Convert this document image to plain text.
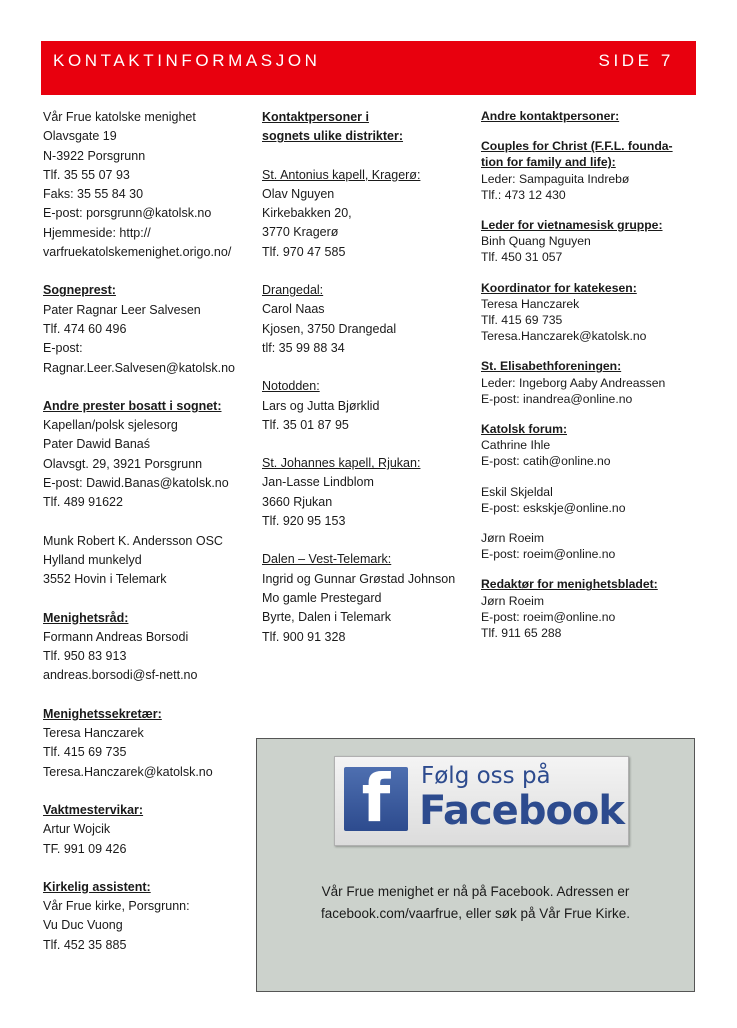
KONTAKTINFORMASJON	SIDE 7
Vår Frue katolske menighet
Olavsgate 19
N-3922 Porsgrunn
Tlf. 35 55 07 93
Faks: 35 55 84 30
E-post: porsgrunn@katolsk.no
Hjemmeside: http://
varfruekatolskemenighet.origo.no/
Sogneprest:
Pater Ragnar Leer Salvesen
Tlf. 474 60 496
E-post:
Ragnar.Leer.Salvesen@katolsk.no
Andre prester bosatt i sognet:
Kapellan/polsk sjelesorg
Pater Dawid Banaś
Olavsgt. 29, 3921 Porsgrunn
E-post: Dawid.Banas@katolsk.no
Tlf. 489 91622
Munk Robert K. Andersson OSC
Hylland munkelyd
3552 Hovin i Telemark
Menighetsråd:
Formann Andreas Borsodi
Tlf. 950 83 913
andreas.borsodi@sf-nett.no
Menighetssekretær:
Teresa Hanczarek
Tlf. 415 69 735
Teresa.Hanczarek@katolsk.no
Vaktmestervikar:
Artur Wojcik
TF. 991 09 426
Kirkelig assistent:
Vår Frue kirke, Porsgrunn:
Vu Duc Vuong
Tlf. 452 35 885
Kontaktpersoner i
sognets ulike distrikter:
St. Antonius kapell, Kragerø:
Olav Nguyen
Kirkebakken 20,
3770 Kragerø
Tlf. 970 47 585
Drangedal:
Carol Naas
Kjosen, 3750 Drangedal
tlf: 35 99 88 34
Notodden:
Lars og Jutta Bjørklid
Tlf. 35 01 87 95
St. Johannes kapell, Rjukan:
Jan-Lasse Lindblom
3660 Rjukan
Tlf. 920 95 153
Dalen – Vest-Telemark:
Ingrid og Gunnar Grøstad Johnson
Mo gamle Prestegard
Byrte, Dalen i Telemark
Tlf. 900 91 328
Andre kontaktpersoner:
Couples for Christ (F.F.L. founda-
tion for family and life):
Leder: Sampaguita Indrebø
Tlf.: 473 12 430
Leder for vietnamesisk gruppe:
Binh Quang Nguyen
Tlf. 450 31 057
Koordinator for katekesen:
Teresa Hanczarek
Tlf. 415 69 735
Teresa.Hanczarek@katolsk.no
St. Elisabethforeningen:
Leder: Ingeborg Aaby Andreassen
E-post: inandrea@online.no
Katolsk forum:
Cathrine Ihle
E-post: catih@online.no
Eskil Skjeldal
E-post: eskskje@online.no
Jørn Roeim
E-post: roeim@online.no
Redaktør for menighetsbladet:
Jørn Roeim
E-post: roeim@online.no
Tlf. 911 65 288
f	Følg oss på
Facebook
Vår Frue menighet er nå på Facebook. Adressen er
facebook.com/vaarfrue, eller søk på Vår Frue Kirke.
